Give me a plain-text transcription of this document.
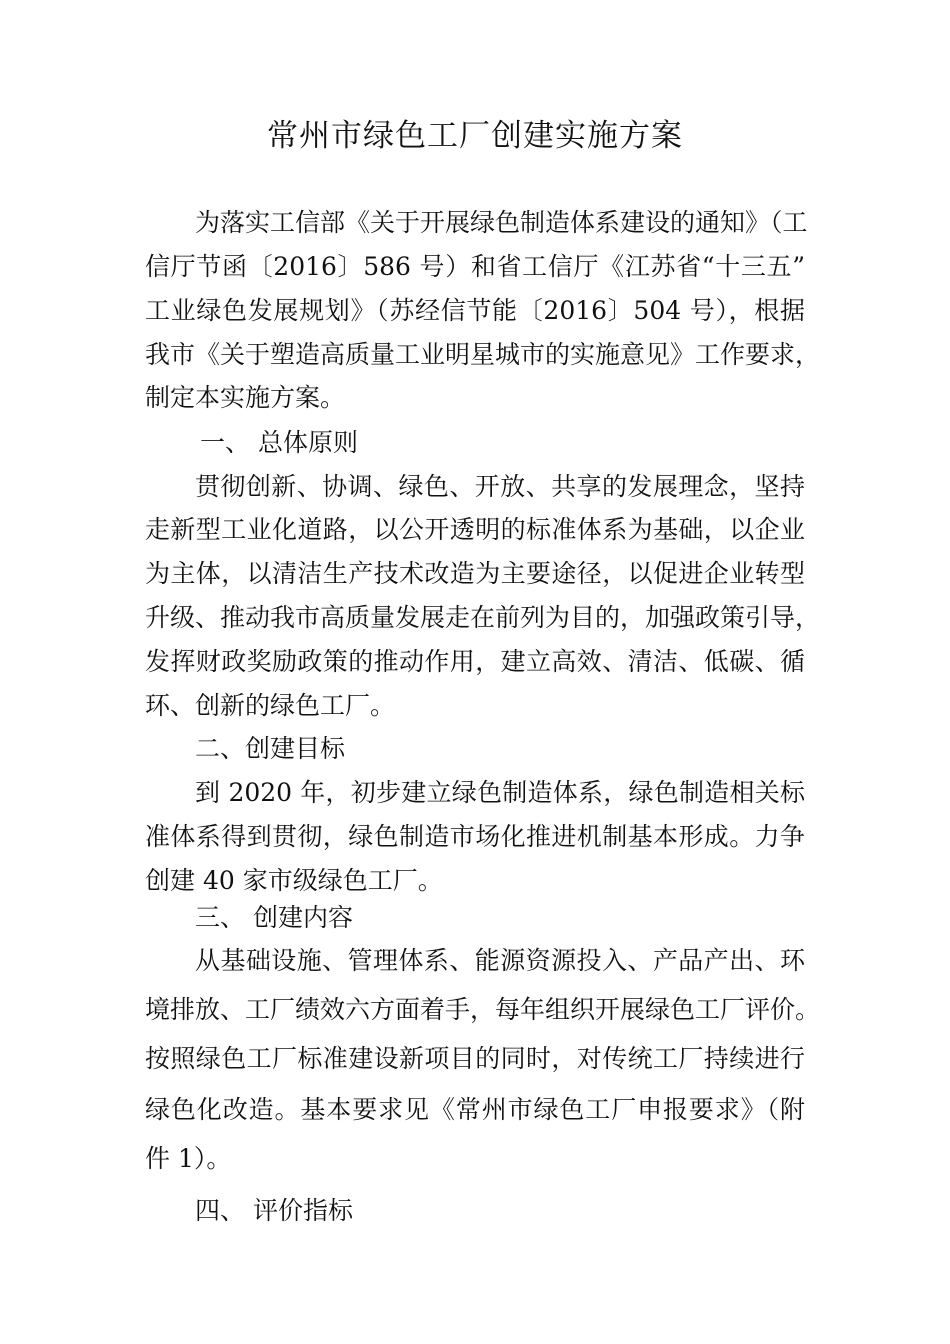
常州市绿色工厂创建实施方案
为落实工信部《关于开展绿色制造体系建设的通知》（工
信厅节函〔2016〕586 号）和省工信厅《江苏省“十三五”
工业绿色发展规划》（苏经信节能〔2016〕504 号），根据
我市《关于塑造高质量工业明星城市的实施意见》工作要求，
制定本实施方案。
一、 总体原则
贯彻创新、协调、绿色、开放、共享的发展理念，坚持
走新型工业化道路，以公开透明的标准体系为基础，以企业
为主体，以清洁生产技术改造为主要途径，以促进企业转型
升级、推动我市高质量发展走在前列为目的，加强政策引导，
发挥财政奖励政策的推动作用，建立高效、清洁、低碳、循
环、创新的绿色工厂。
二、创建目标
到 2020 年，初步建立绿色制造体系，绿色制造相关标
准体系得到贯彻，绿色制造市场化推进机制基本形成。力争
创建 40 家市级绿色工厂。
三、 创建内容
从基础设施、管理体系、能源资源投入、产品产出、环
境排放、工厂绩效六方面着手，每年组织开展绿色工厂评价。
按照绿色工厂标准建设新项目的同时，对传统工厂持续进行
绿色化改造。基本要求见《常州市绿色工厂申报要求》（附
件 1）。
四、 评价指标
